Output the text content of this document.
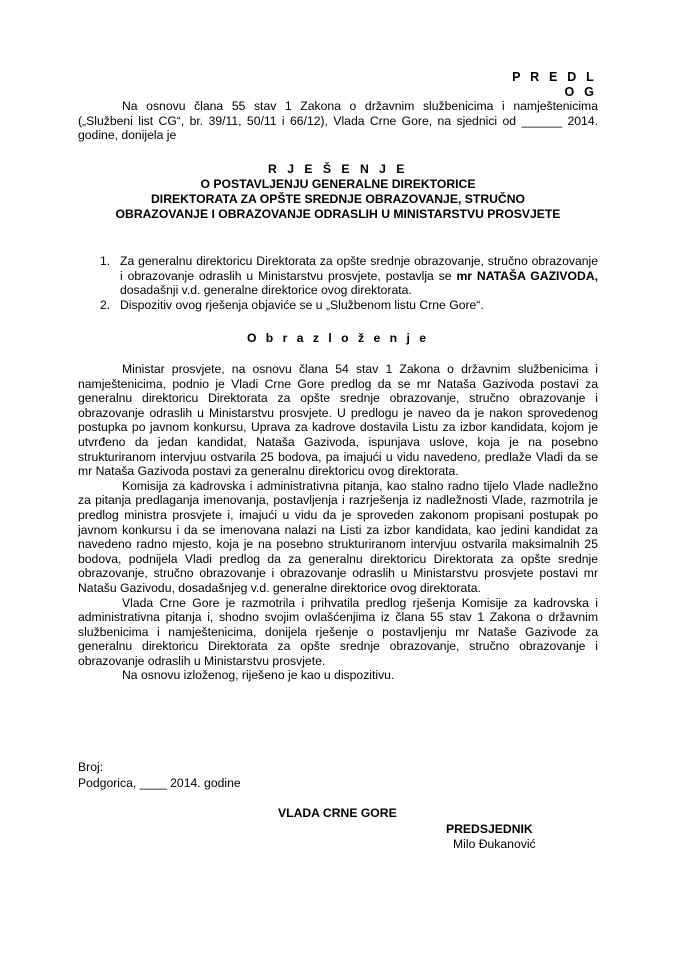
P R E D L O G

Na osnovu člana 55 stav 1 Zakona o državnim službenicima i namještenicima („Službeni list CG“, br. 39/11, 50/11 i 66/12), Vlada Crne Gore, na sjednici od ______ 2014. godine, donijela je

R J E Š E N J E
O POSTAVLJENJU GENERALNE DIREKTORICE
DIREKTORATA ZA OPŠTE SREDNJE OBRAZOVANJE, STRUČNO
OBRAZOVANJE I OBRAZOVANJE ODRASLIH U MINISTARSTVU PROSVJETE
1. Za generalnu direktoricu Direktorata za opšte srednje obrazovanje, stručno obrazovanje i obrazovanje odraslih u Ministarstvu prosvjete, postavlja se mr NATAŠA GAZIVODA, dosadašnji v.d. generalne direktorice ovog direktorata.
2. Dispozitiv ovog rješenja objaviće se u „Službenom listu Crne Gore“.
O b r a z l o ž e n j e

Ministar prosvjete, na osnovu člana 54 stav 1 Zakona o državnim službenicima i namještenicima, podnio je Vladi Crne Gore predlog da se mr Nataša Gazivoda postavi za generalnu direktoricu Direktorata za opšte srednje obrazovanje, stručno obrazovanje i obrazovanje odraslih u Ministarstvu prosvjete. U predlogu je naveo da je nakon sprovedenog postupka po javnom konkursu, Uprava za kadrove dostavila Listu za izbor kandidata, kojom je utvrđeno da jedan kandidat, Nataša Gazivoda, ispunjava uslove, koja je na posebno strukturiranom intervjuu ostvarila 25 bodova, pa imajući u vidu navedeno, predlaže Vladi da se mr Nataša Gazivoda postavi za generalnu direktoricu ovog direktorata.

Komisija za kadrovska i administrativna pitanja, kao stalno radno tijelo Vlade nadležno za pitanja predlaganja imenovanja, postavljenja i razrješenja iz nadležnosti Vlade, razmotrila je predlog ministra prosvjete i, imajući u vidu da je sproveden zakonom propisani postupak po javnom konkursu i da se imenovana nalazi na Listi za izbor kandidata, kao jedini kandidat za navedeno radno mjesto, koja je na posebno strukturiranom intervjuu ostvarila maksimalnih 25 bodova, podnijela Vladi predlog da za generalnu direktoricu Direktorata za opšte srednje obrazovanje, stručno obrazovanje i obrazovanje odraslih u Ministarstvu prosvjete postavi mr Natašu Gazivodu, dosadašnjeg v.d. generalne direktorice ovog direktorata.

Vlada Crne Gore je razmotrila i prihvatila predlog rješenja Komisije za kadrovska i administrativna pitanja i, shodno svojim ovlašćenjima iz člana 55 stav 1 Zakona o državnim službenicima i namještenicima, donijela rješenje o postavljenju mr Nataše Gazivode za generalnu direktoricu Direktorata za opšte srednje obrazovanje, stručno obrazovanje i obrazovanje odraslih u Ministarstvu prosvjete.

Na osnovu izloženog, riješeno je kao u dispozitivu.

Broj:
Podgorica, ____ 2014. godine
VLADA CRNE GORE
PREDSJEDNIK
Milo Đukanović
